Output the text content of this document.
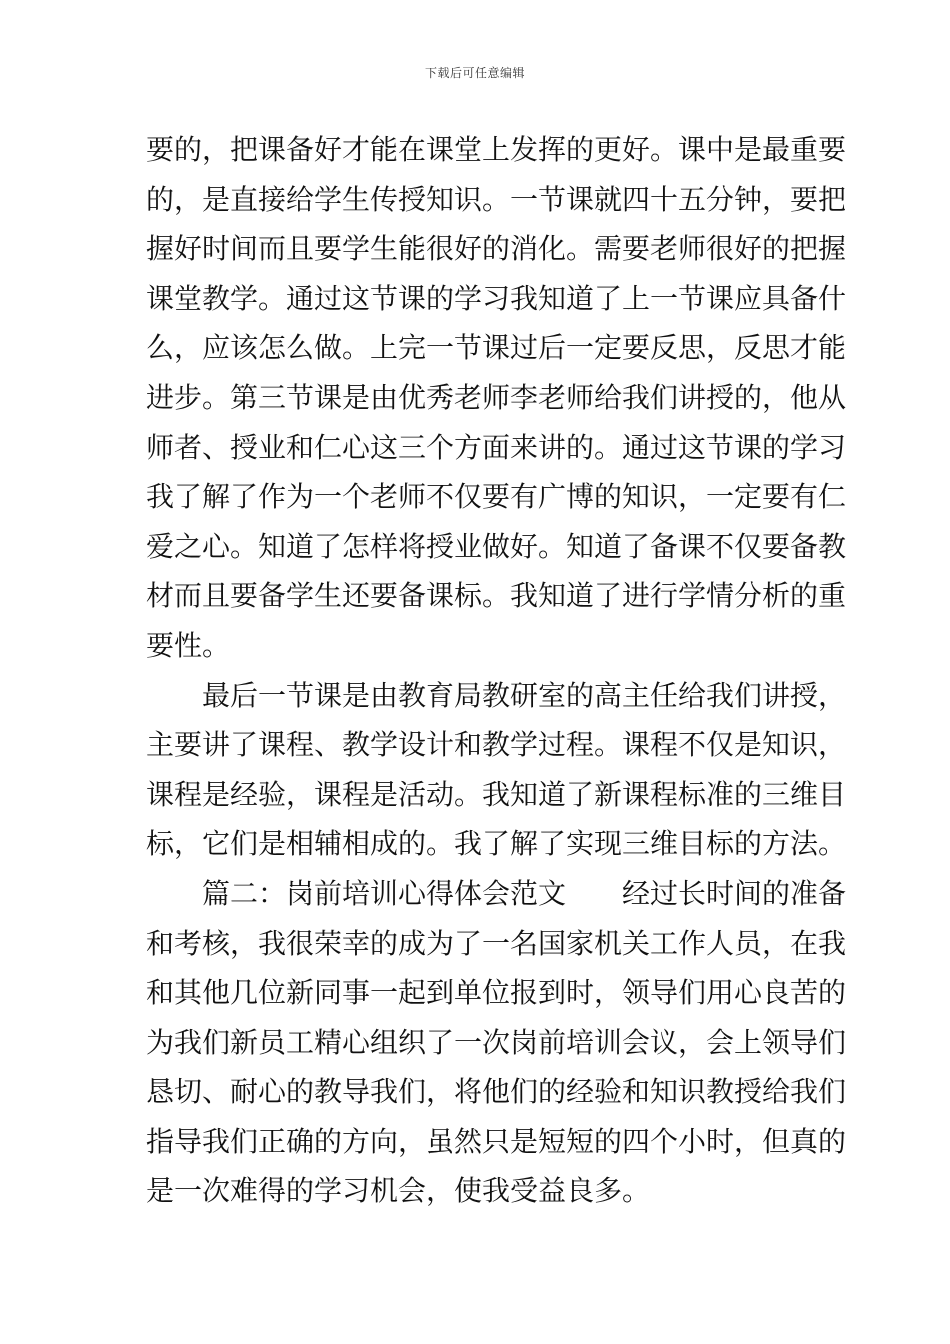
下载后可任意编辑
要的，把课备好才能在课堂上发挥的更好。课中是最重要
的，是直接给学生传授知识。一节课就四十五分钟，要把
握好时间而且要学生能很好的消化。需要老师很好的把握
课堂教学。通过这节课的学习我知道了上一节课应具备什
么，应该怎么做。上完一节课过后一定要反思，反思才能
进步。第三节课是由优秀老师李老师给我们讲授的，他从
师者、授业和仁心这三个方面来讲的。通过这节课的学习
我了解了作为一个老师不仅要有广博的知识，一定要有仁
爱之心。知道了怎样将授业做好。知道了备课不仅要备教
材而且要备学生还要备课标。我知道了进行学情分析的重
要性。
最后一节课是由教育局教研室的高主任给我们讲授，
主要讲了课程、教学设计和教学过程。课程不仅是知识，
课程是经验，课程是活动。我知道了新课程标准的三维目
标，它们是相辅相成的。我了解了实现三维目标的方法。
篇二：岗前培训心得体会范文 经过长时间的准备
和考核，我很荣幸的成为了一名国家机关工作人员，在我
和其他几位新同事一起到单位报到时，领导们用心良苦的
为我们新员工精心组织了一次岗前培训会议，会上领导们
恳切、耐心的教导我们，将他们的经验和知识教授给我们
指导我们正确的方向，虽然只是短短的四个小时，但真的
是一次难得的学习机会，使我受益良多。
